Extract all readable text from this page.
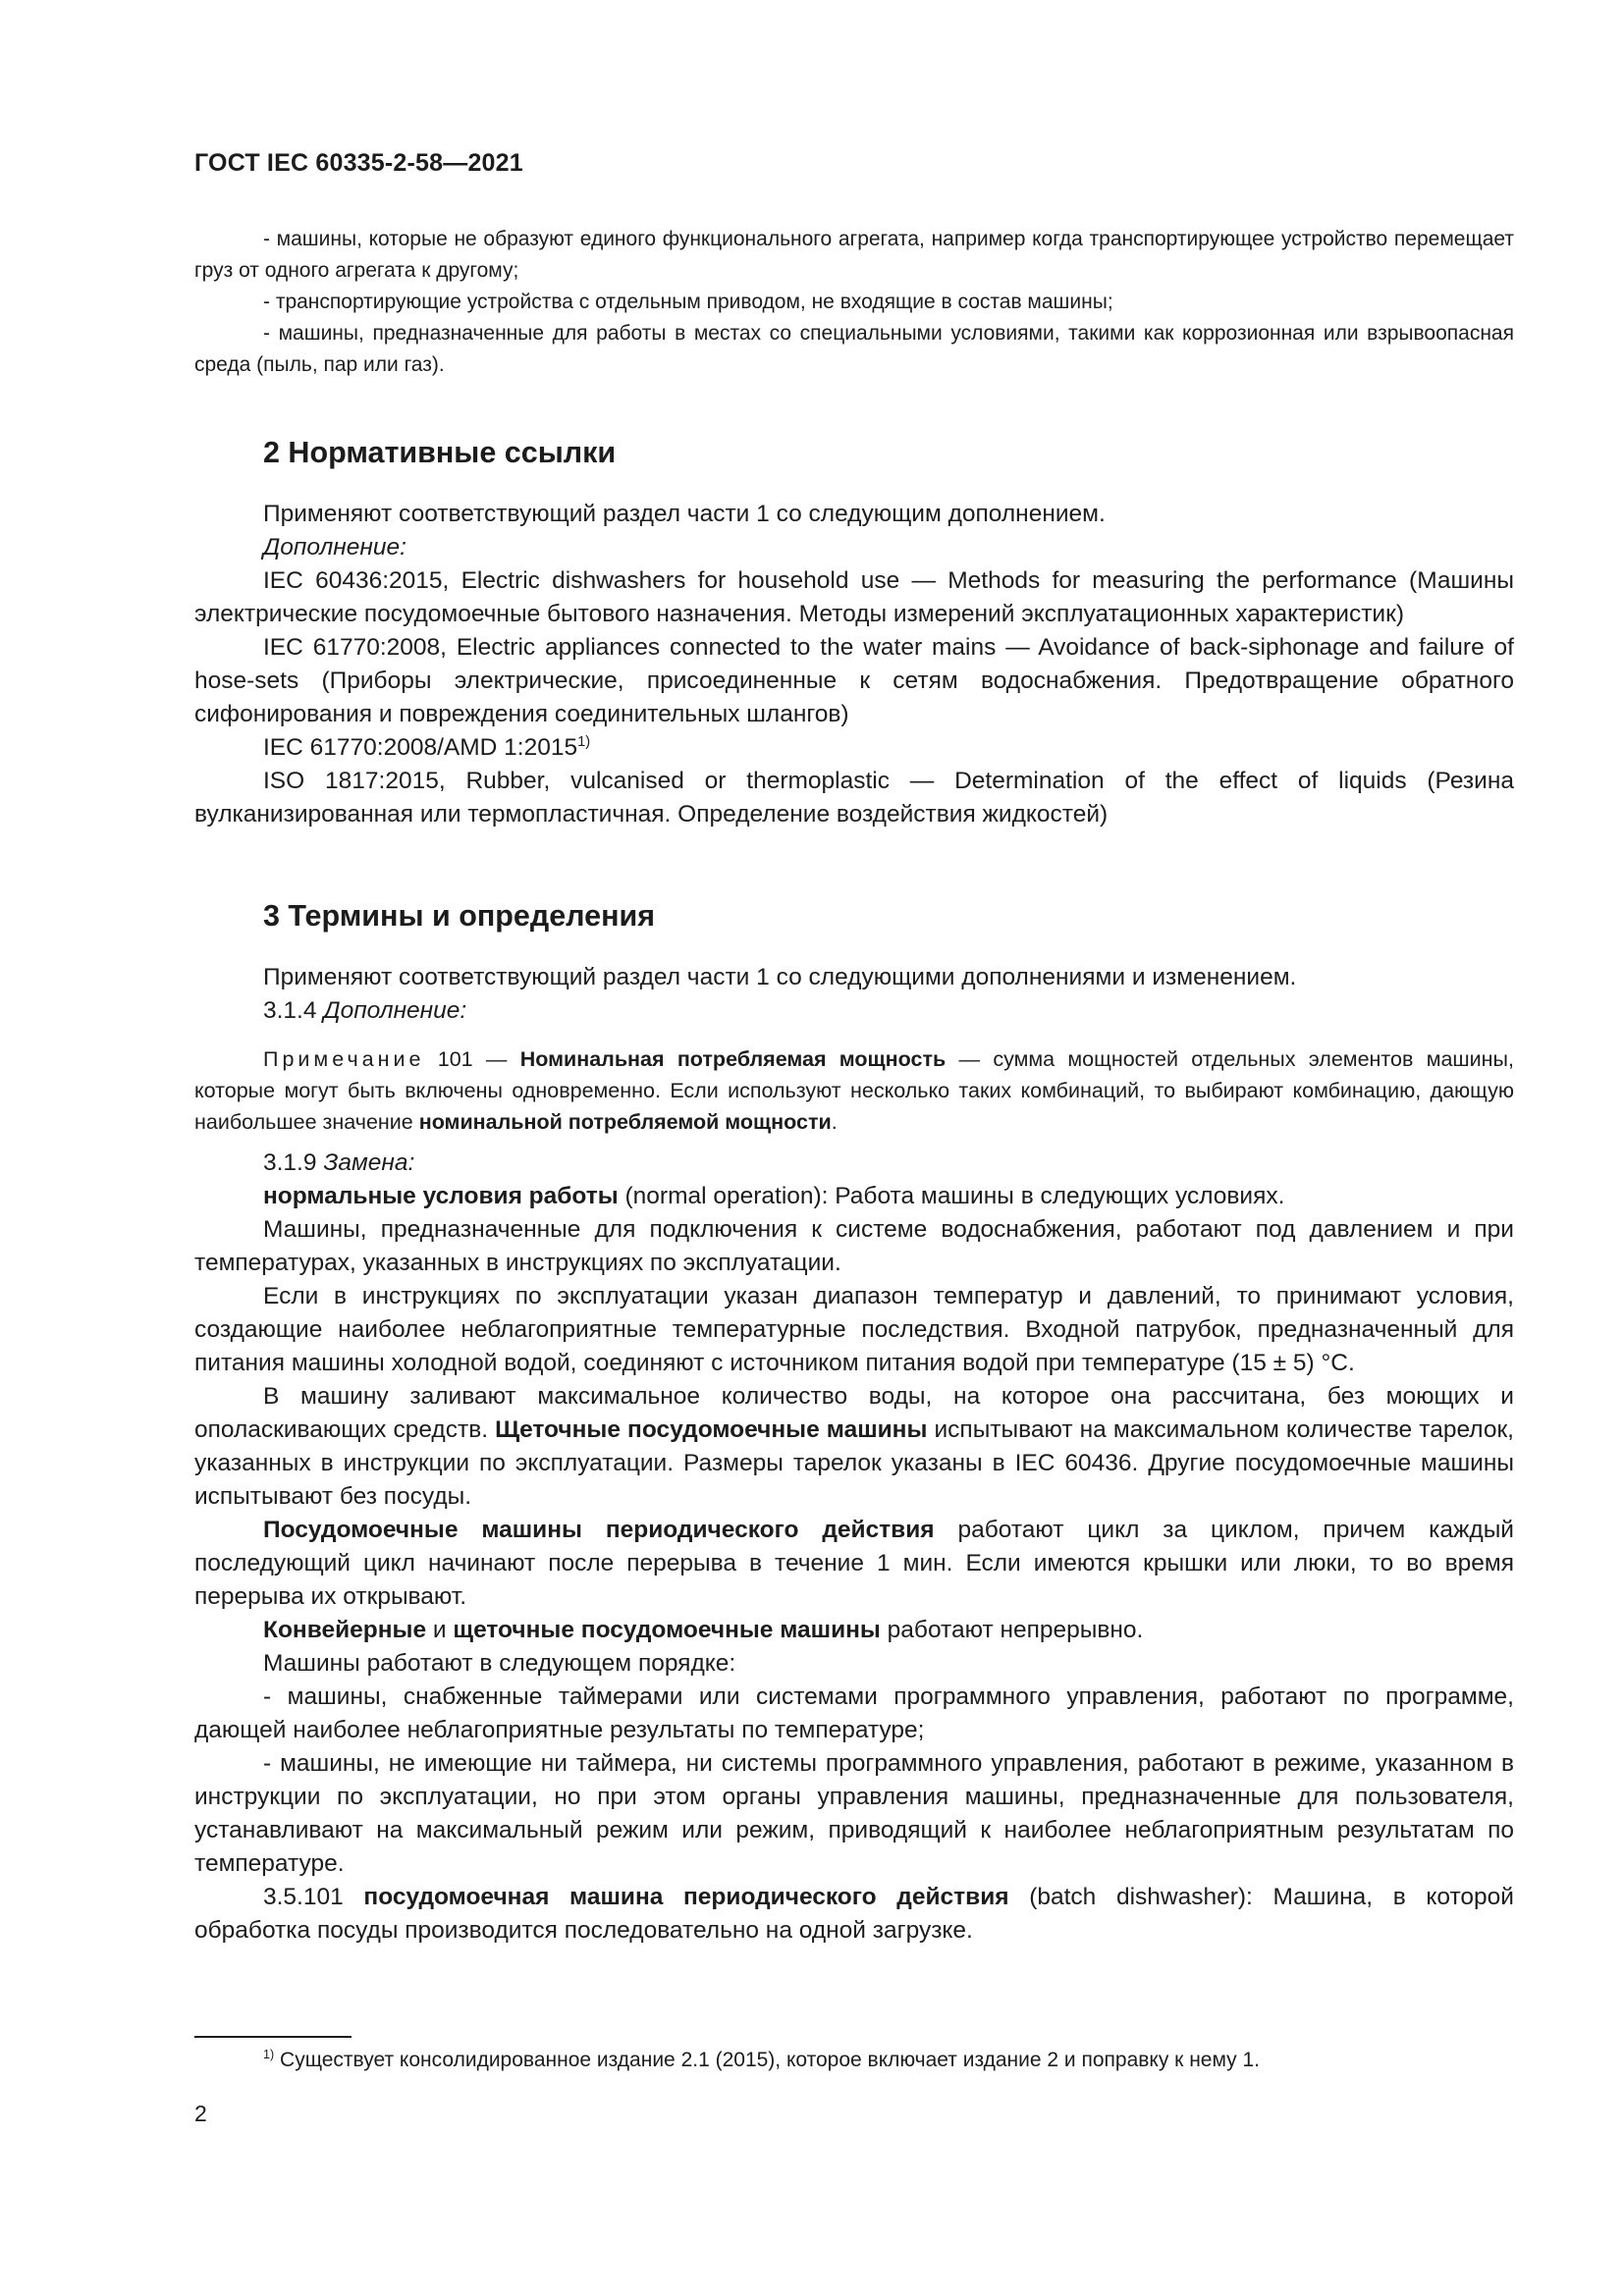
ГОСТ IEC 60335-2-58—2021

- машины, которые не образуют единого функционального агрегата, например когда транспортирующее устройство перемещает груз от одного агрегата к другому;

- транспортирующие устройства с отдельным приводом, не входящие в состав машины;

- машины, предназначенные для работы в местах со специальными условиями, такими как коррозионная или взрывоопасная среда (пыль, пар или газ).

2 Нормативные ссылки

Применяют соответствующий раздел части 1 со следующим дополнением.

Дополнение:

IEC 60436:2015, Electric dishwashers for household use — Methods for measuring the performance (Машины электрические посудомоечные бытового назначения. Методы измерений эксплуатационных характеристик)

IEC 61770:2008, Electric appliances connected to the water mains — Avoidance of back-siphonage and failure of hose-sets (Приборы электрические, присоединенные к сетям водоснабжения. Предотвращение обратного сифонирования и повреждения соединительных шлангов)

IEC 61770:2008/AMD 1:2015$^{1)}$

ISO 1817:2015, Rubber, vulcanised or thermoplastic — Determination of the effect of liquids (Резина вулканизированная или термопластичная. Определение воздействия жидкостей)

3 Термины и определения

Применяют соответствующий раздел части 1 со следующими дополнениями и изменением.

3.1.4 Дополнение:

Примечание 101 — Номинальная потребляемая мощность — сумма мощностей отдельных элементов машины, которые могут быть включены одновременно. Если используют несколько таких комбинаций, то выбирают комбинацию, дающую наибольшее значение номинальной потребляемой мощности.

3.1.9 Замена:

нормальные условия работы (normal operation): Работа машины в следующих условиях.

Машины, предназначенные для подключения к системе водоснабжения, работают под давлением и при температурах, указанных в инструкциях по эксплуатации.

Если в инструкциях по эксплуатации указан диапазон температур и давлений, то принимают условия, создающие наиболее неблагоприятные температурные последствия. Входной патрубок, предназначенный для питания машины холодной водой, соединяют с источником питания водой при температуре (15 ± 5) °С.

В машину заливают максимальное количество воды, на которое она рассчитана, без моющих и ополаскивающих средств. Щеточные посудомоечные машины испытывают на максимальном количестве тарелок, указанных в инструкции по эксплуатации. Размеры тарелок указаны в IEC 60436. Другие посудомоечные машины испытывают без посуды.

Посудомоечные машины периодического действия работают цикл за циклом, причем каждый последующий цикл начинают после перерыва в течение 1 мин. Если имеются крышки или люки, то во время перерыва их открывают.

Конвейерные и щеточные посудомоечные машины работают непрерывно.

Машины работают в следующем порядке:

- машины, снабженные таймерами или системами программного управления, работают по программе, дающей наиболее неблагоприятные результаты по температуре;

- машины, не имеющие ни таймера, ни системы программного управления, работают в режиме, указанном в инструкции по эксплуатации, но при этом органы управления машины, предназначенные для пользователя, устанавливают на максимальный режим или режим, приводящий к наиболее неблагоприятным результатам по температуре.

3.5.101 посудомоечная машина периодического действия (batch dishwasher): Машина, в которой обработка посуды производится последовательно на одной загрузке.

$^{1)}$ Существует консолидированное издание 2.1 (2015), которое включает издание 2 и поправку к нему 1.
2
